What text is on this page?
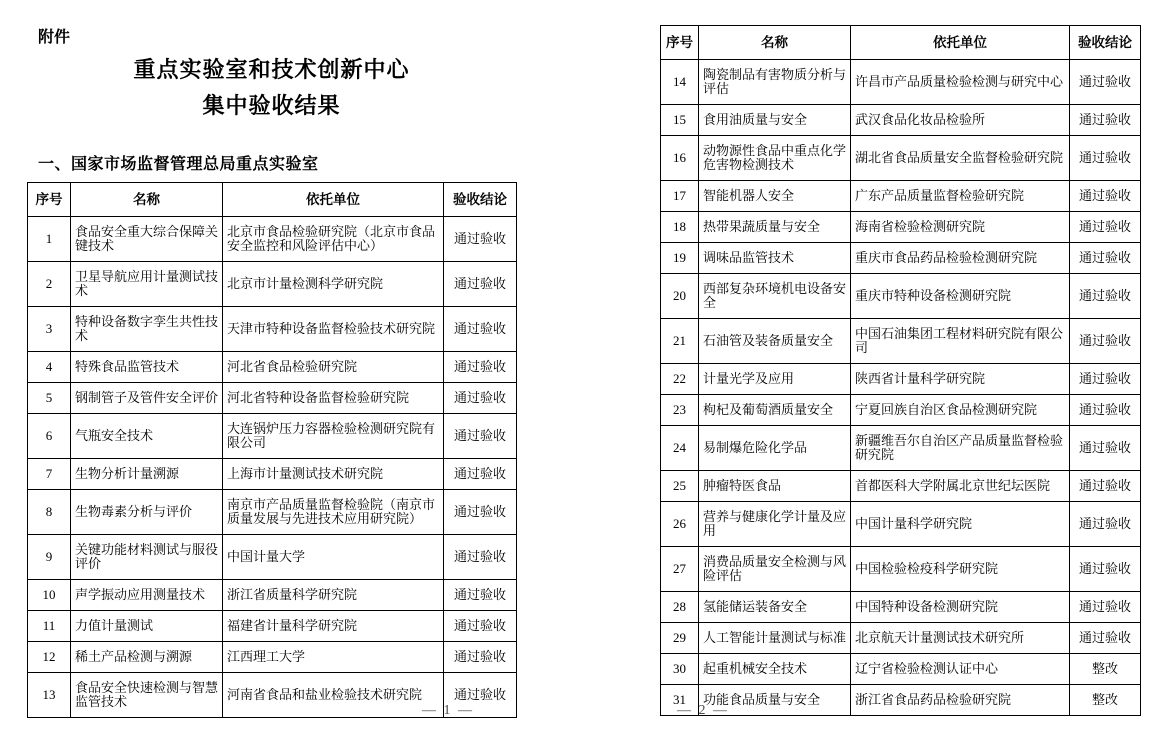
附件
重点实验室和技术创新中心
集中验收结果
一、国家市场监督管理总局重点实验室
序号	名称	依托单位	验收结论
1	食品安全重大综合保障关键技术	北京市食品检验研究院（北京市食品安全监控和风险评估中心）	通过验收
2	卫星导航应用计量测试技术	北京市计量检测科学研究院	通过验收
3	特种设备数字孪生共性技术	天津市特种设备监督检验技术研究院	通过验收
4	特殊食品监管技术	河北省食品检验研究院	通过验收
5	钢制管子及管件安全评价	河北省特种设备监督检验研究院	通过验收
6	气瓶安全技术	大连锅炉压力容器检验检测研究院有限公司	通过验收
7	生物分析计量溯源	上海市计量测试技术研究院	通过验收
8	生物毒素分析与评价	南京市产品质量监督检验院（南京市质量发展与先进技术应用研究院）	通过验收
9	关键功能材料测试与服役评价	中国计量大学	通过验收
10	声学振动应用测量技术	浙江省质量科学研究院	通过验收
11	力值计量测试	福建省计量科学研究院	通过验收
12	稀土产品检测与溯源	江西理工大学	通过验收
13	食品安全快速检测与智慧监管技术	河南省食品和盐业检验技术研究院	通过验收
序号	名称	依托单位	验收结论
14	陶瓷制品有害物质分析与评估	许昌市产品质量检验检测与研究中心	通过验收
15	食用油质量与安全	武汉食品化妆品检验所	通过验收
16	动物源性食品中重点化学危害物检测技术	湖北省食品质量安全监督检验研究院	通过验收
17	智能机器人安全	广东产品质量监督检验研究院	通过验收
18	热带果蔬质量与安全	海南省检验检测研究院	通过验收
19	调味品监管技术	重庆市食品药品检验检测研究院	通过验收
20	西部复杂环境机电设备安全	重庆市特种设备检测研究院	通过验收
21	石油管及装备质量安全	中国石油集团工程材料研究院有限公司	通过验收
22	计量光学及应用	陕西省计量科学研究院	通过验收
23	枸杞及葡萄酒质量安全	宁夏回族自治区食品检测研究院	通过验收
24	易制爆危险化学品	新疆维吾尔自治区产品质量监督检验研究院	通过验收
25	肿瘤特医食品	首都医科大学附属北京世纪坛医院	通过验收
26	营养与健康化学计量及应用	中国计量科学研究院	通过验收
27	消费品质量安全检测与风险评估	中国检验检疫科学研究院	通过验收
28	氢能储运装备安全	中国特种设备检测研究院	通过验收
29	人工智能计量测试与标准	北京航天计量测试技术研究所	通过验收
30	起重机械安全技术	辽宁省检验检测认证中心	整改
31	功能食品质量与安全	浙江省食品药品检验研究院	整改
— 1 —	— 2 —
